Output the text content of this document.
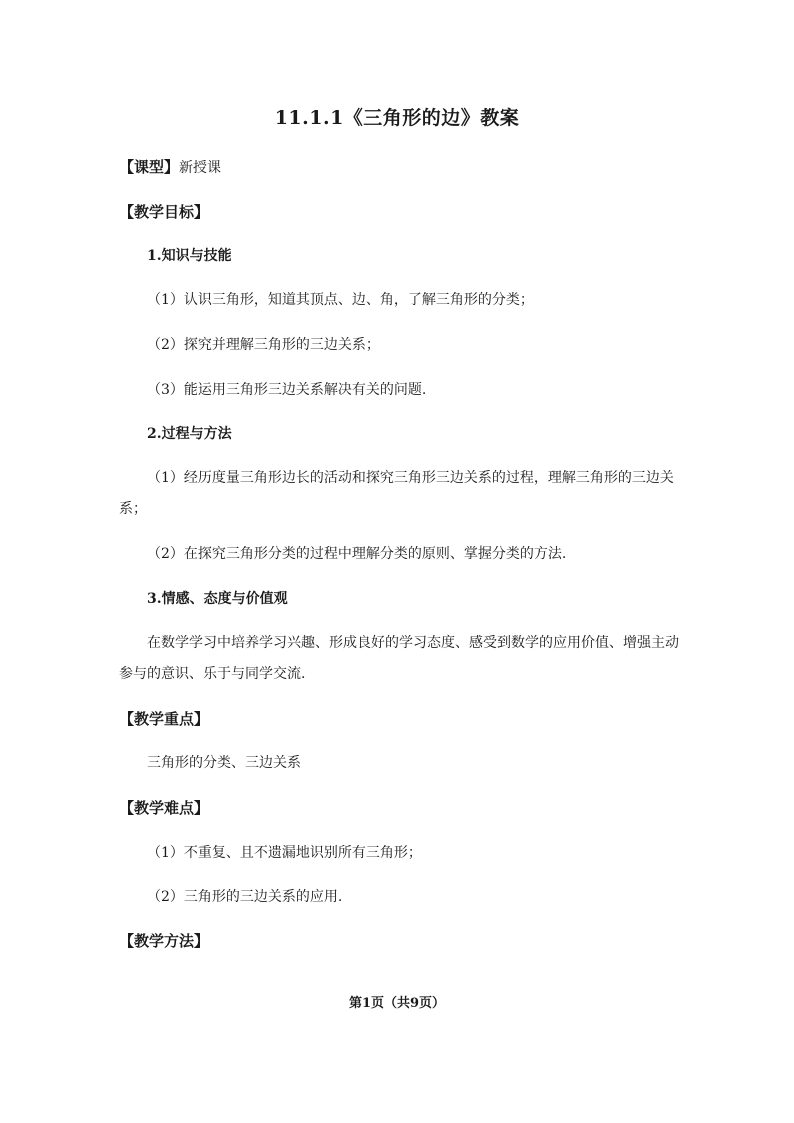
11.1.1《三角形的边》教案
【课型】新授课
【教学目标】
1.知识与技能
（1）认识三角形，知道其顶点、边、角，了解三角形的分类；
（2）探究并理解三角形的三边关系；
（3）能运用三角形三边关系解决有关的问题.
2.过程与方法
（1）经历度量三角形边长的活动和探究三角形三边关系的过程，理解三角形的三边关
系；
（2）在探究三角形分类的过程中理解分类的原则、掌握分类的方法.
3.情感、态度与价值观
在数学学习中培养学习兴趣、形成良好的学习态度、感受到数学的应用价值、增强主动
参与的意识、乐于与同学交流.
【教学重点】
三角形的分类、三边关系
【教学难点】
（1）不重复、且不遗漏地识别所有三角形；
（2）三角形的三边关系的应用.
【教学方法】
第1页（共9页）
